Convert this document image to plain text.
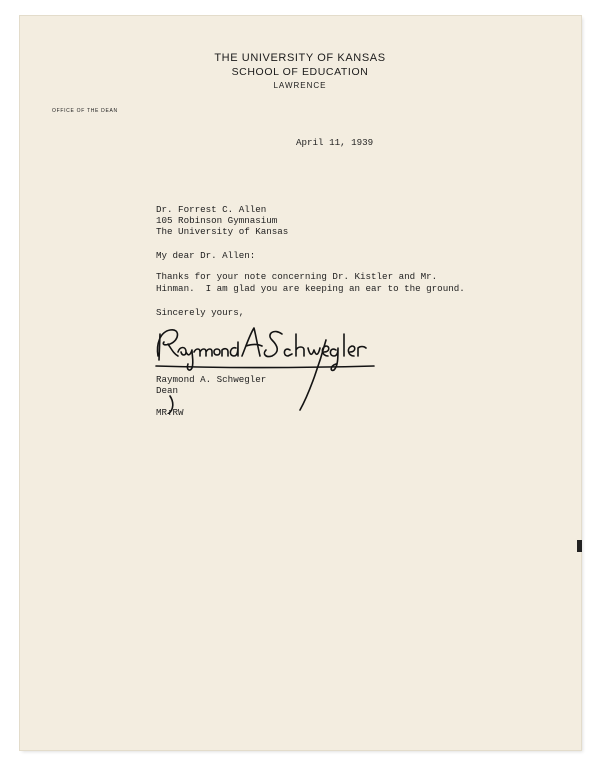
THE UNIVERSITY OF KANSAS
SCHOOL OF EDUCATION
LAWRENCE
OFFICE OF THE DEAN
April 11, 1939
Dr. Forrest C. Allen
105 Robinson Gymnasium
The University of Kansas
My dear Dr. Allen:
Thanks for your note concerning Dr. Kistler and Mr.
Hinman.  I am glad you are keeping an ear to the ground.
Sincerely yours,
Raymond A. Schwegler
Dean
MR:RW
